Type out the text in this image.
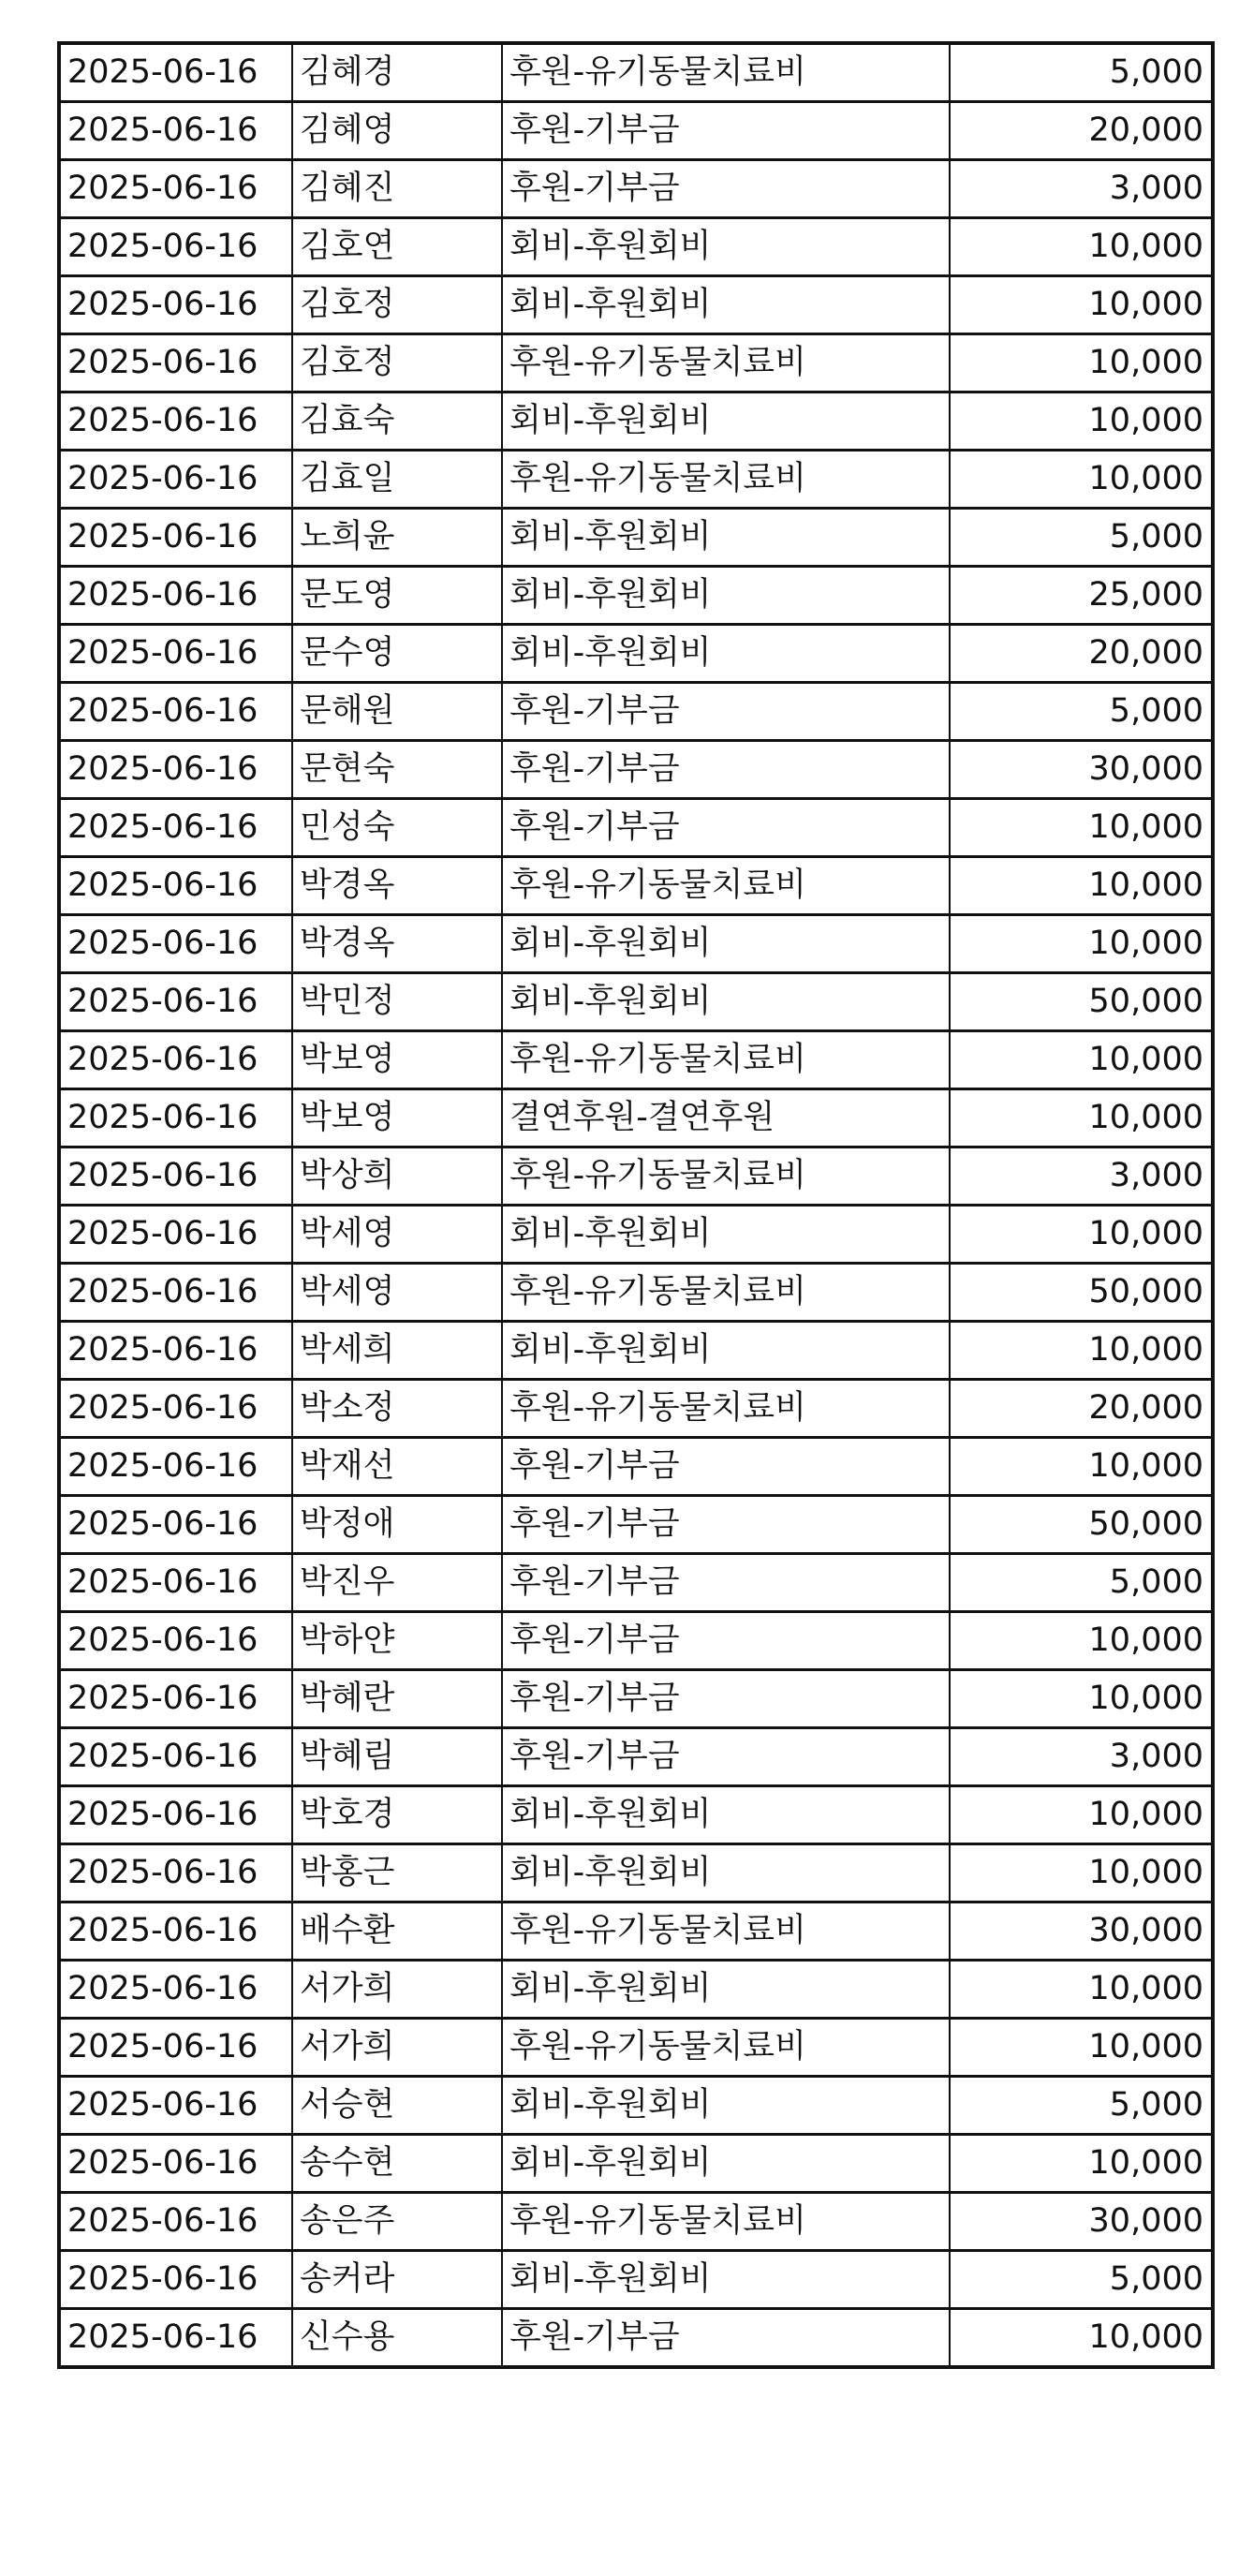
2025-06-16	김혜경	후원-유기동물치료비	5,000
2025-06-16	김혜영	후원-기부금	20,000
2025-06-16	김혜진	후원-기부금	3,000
2025-06-16	김호연	회비-후원회비	10,000
2025-06-16	김호정	회비-후원회비	10,000
2025-06-16	김호정	후원-유기동물치료비	10,000
2025-06-16	김효숙	회비-후원회비	10,000
2025-06-16	김효일	후원-유기동물치료비	10,000
2025-06-16	노희윤	회비-후원회비	5,000
2025-06-16	문도영	회비-후원회비	25,000
2025-06-16	문수영	회비-후원회비	20,000
2025-06-16	문해원	후원-기부금	5,000
2025-06-16	문현숙	후원-기부금	30,000
2025-06-16	민성숙	후원-기부금	10,000
2025-06-16	박경옥	후원-유기동물치료비	10,000
2025-06-16	박경옥	회비-후원회비	10,000
2025-06-16	박민정	회비-후원회비	50,000
2025-06-16	박보영	후원-유기동물치료비	10,000
2025-06-16	박보영	결연후원-결연후원	10,000
2025-06-16	박상희	후원-유기동물치료비	3,000
2025-06-16	박세영	회비-후원회비	10,000
2025-06-16	박세영	후원-유기동물치료비	50,000
2025-06-16	박세희	회비-후원회비	10,000
2025-06-16	박소정	후원-유기동물치료비	20,000
2025-06-16	박재선	후원-기부금	10,000
2025-06-16	박정애	후원-기부금	50,000
2025-06-16	박진우	후원-기부금	5,000
2025-06-16	박하얀	후원-기부금	10,000
2025-06-16	박혜란	후원-기부금	10,000
2025-06-16	박혜림	후원-기부금	3,000
2025-06-16	박호경	회비-후원회비	10,000
2025-06-16	박홍근	회비-후원회비	10,000
2025-06-16	배수환	후원-유기동물치료비	30,000
2025-06-16	서가희	회비-후원회비	10,000
2025-06-16	서가희	후원-유기동물치료비	10,000
2025-06-16	서승현	회비-후원회비	5,000
2025-06-16	송수현	회비-후원회비	10,000
2025-06-16	송은주	후원-유기동물치료비	30,000
2025-06-16	송커라	회비-후원회비	5,000
2025-06-16	신수용	후원-기부금	10,000
